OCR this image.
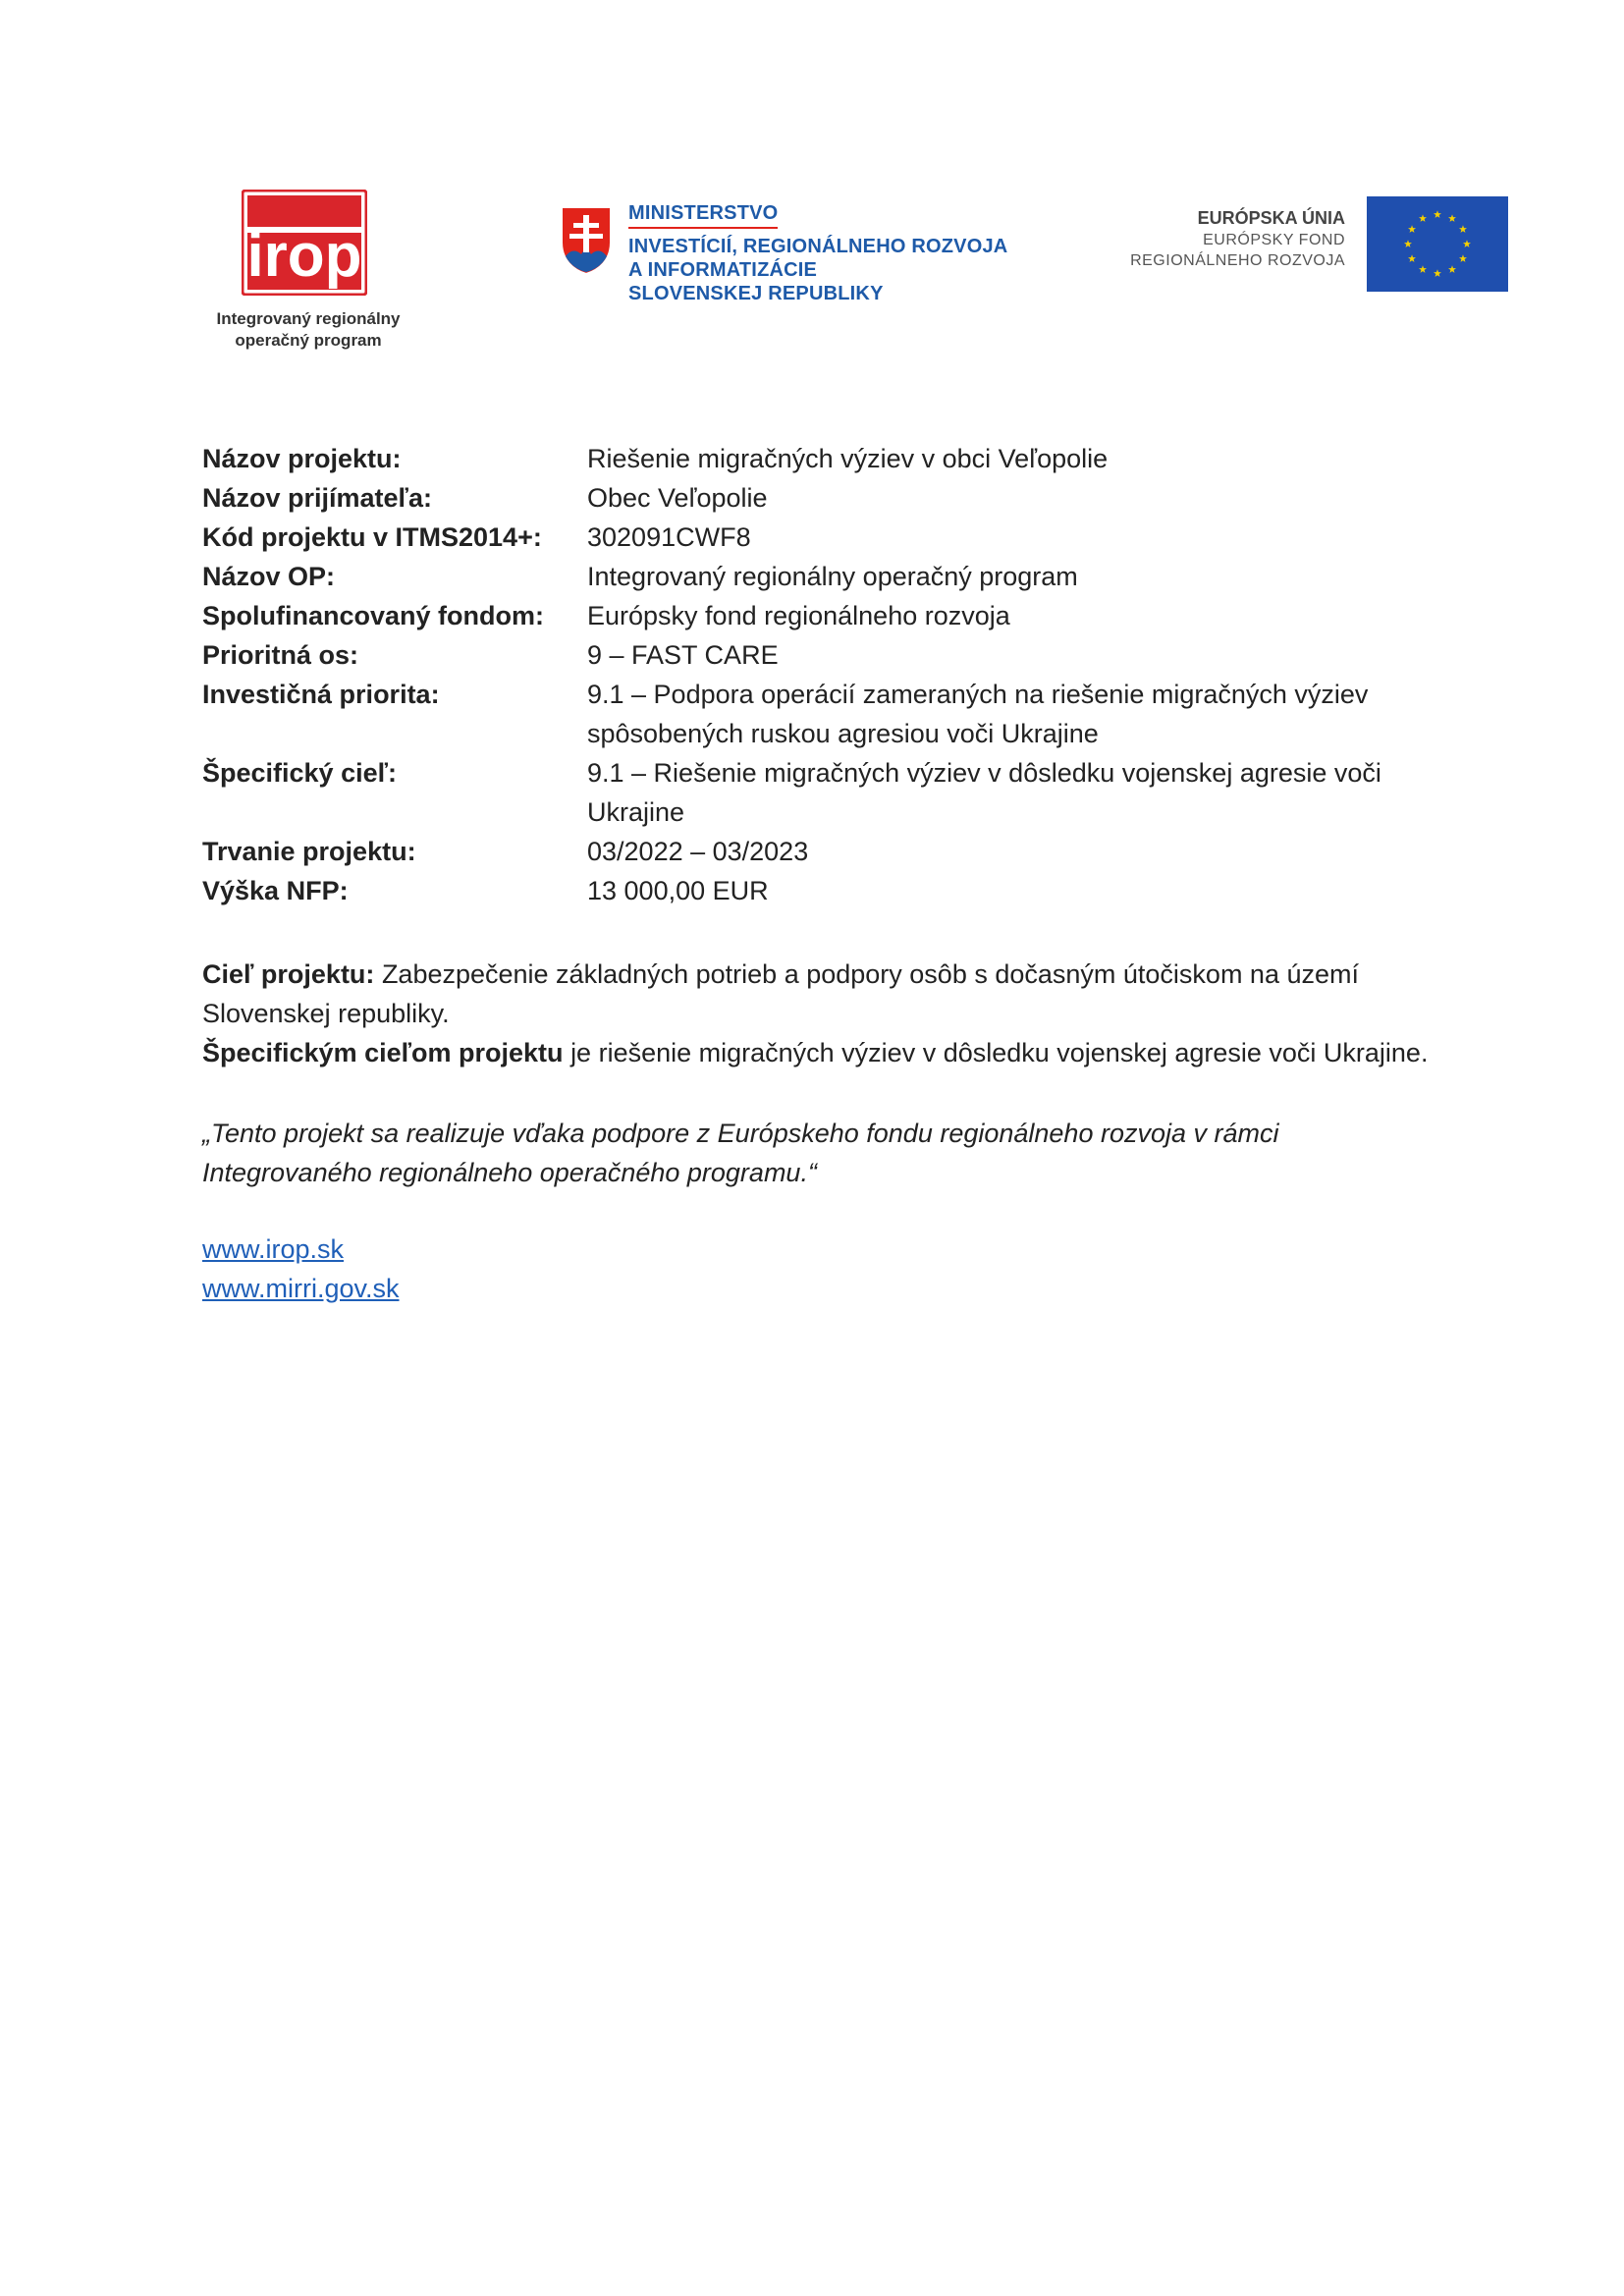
irop
Integrovaný regionálny
operačný program
MINISTERSTVO
INVESTÍCIÍ, REGIONÁLNEHO ROZVOJA
A INFORMATIZÁCIE
SLOVENSKEJ REPUBLIKY
EURÓPSKA ÚNIA
EURÓPSKY FOND
REGIONÁLNEHO ROZVOJA
Názov projektu:	Riešenie migračných výziev v obci Veľopolie
Názov prijímateľa:	Obec Veľopolie
Kód projektu v ITMS2014+:	302091CWF8
Názov OP:	Integrovaný regionálny operačný program
Spolufinancovaný fondom:	Európsky fond regionálneho rozvoja
Prioritná os:	9 – FAST CARE
Investičná priorita:	9.1 – Podpora operácií zameraných na riešenie migračných výziev spôsobených ruskou agresiou voči Ukrajine
Špecifický cieľ:	9.1 – Riešenie migračných výziev v dôsledku vojenskej agresie voči Ukrajine
Trvanie projektu:	03/2022 – 03/2023
Výška NFP:	13 000,00 EUR
Cieľ projektu: Zabezpečenie základných potrieb a podpory osôb s dočasným útočiskom na území Slovenskej republiky.
Špecifickým cieľom projektu je riešenie migračných výziev v dôsledku vojenskej agresie voči Ukrajine.
„Tento projekt sa realizuje vďaka podpore z Európskeho fondu regionálneho rozvoja v rámci Integrovaného regionálneho operačného programu.“
www.irop.sk
www.mirri.gov.sk
